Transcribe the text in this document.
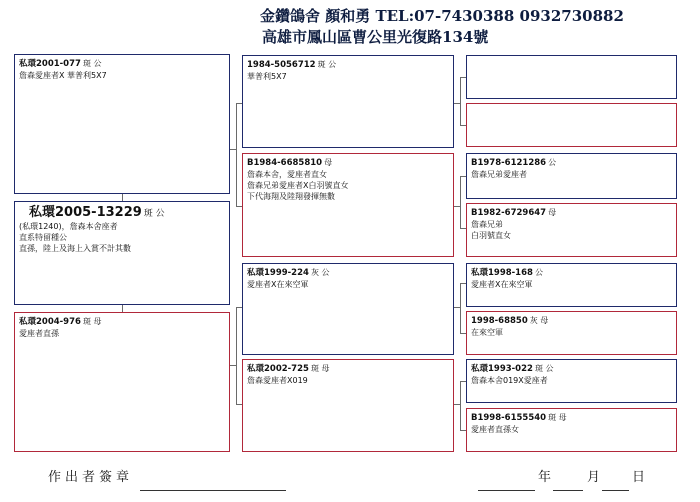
金鑽鴿舍 顏和勇 TEL:07-7430388 0932730882
高雄市鳳山區曹公里光復路134號
私環2001-077 斑 公
詹森愛座者X 華普利5X7
私環2005-13229 斑 公
(私環1240)，詹森本舍座者
直系特留種公
直孫，陸上及海上入賞不計其數
私環2004-976 斑 母
愛座者直孫
1984-5056712 斑 公
華普利5X7
B1984-6685810 母
詹森本舍，愛座者直女
詹森兄弟愛座者X白羽號直女
下代海翔及陸翔發揮無數
私環1999-224 灰 公
愛座者X在來空軍
私環2002-725 斑 母
詹森愛座者X019
B1978-6121286 公
詹森兄弟愛座者
B1982-6729647 母
詹森兄弟
白羽號直女
私環1998-168 公
愛座者X在來空軍
1998-68850 灰 母
在來空軍
私環1993-022 斑 公
詹森本舍019X愛座者
B1998-6155540 斑 母
愛座者直孫女
作出者簽章	年	月 日
